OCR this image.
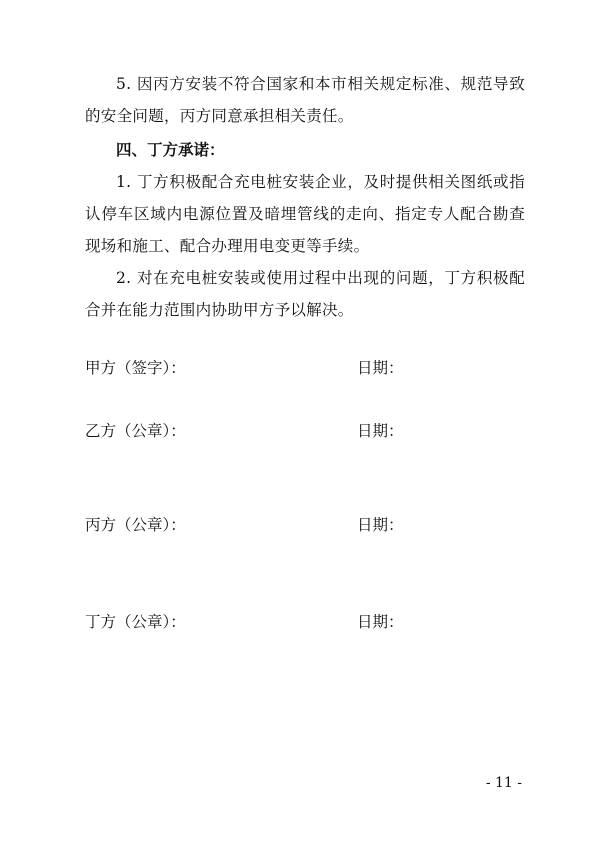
5. 因丙方安装不符合国家和本市相关规定标准、规范导致的安全问题，丙方同意承担相关责任。

四、丁方承诺：

1. 丁方积极配合充电桩安装企业，及时提供相关图纸或指认停车区域内电源位置及暗埋管线的走向、指定专人配合勘查现场和施工、配合办理用电变更等手续。

2. 对在充电桩安装或使用过程中出现的问题，丁方积极配合并在能力范围内协助甲方予以解决。

甲方（签字）：	日期：
乙方（公章）：	日期：
丙方（公章）：	日期：
丁方（公章）：	日期：
- 11 -
